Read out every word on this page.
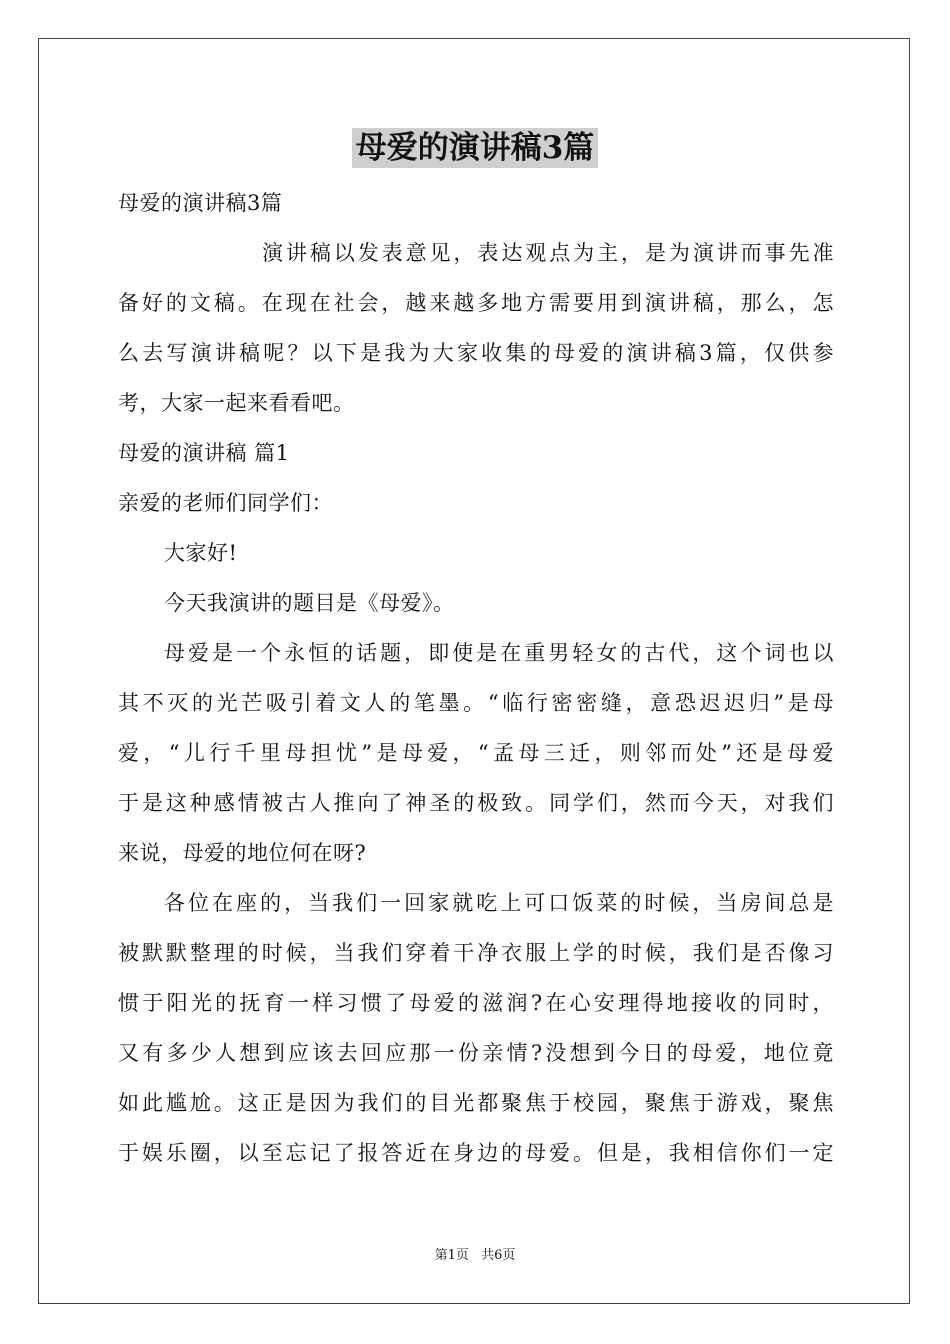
母爱的演讲稿3篇
母爱的演讲稿3篇
演讲稿以发表意见，表达观点为主，是为演讲而事先准
备好的文稿。在现在社会，越来越多地方需要用到演讲稿，那么，怎
么去写演讲稿呢？以下是我为大家收集的母爱的演讲稿3篇，仅供参
考，大家一起来看看吧。
母爱的演讲稿 篇1
亲爱的老师们同学们：
大家好!
今天我演讲的题目是《母爱》。
母爱是一个永恒的话题，即使是在重男轻女的古代，这个词也以
其不灭的光芒吸引着文人的笔墨。“临行密密缝，意恐迟迟归”是母
爱，“儿行千里母担忧”是母爱，“孟母三迁，则邻而处”还是母爱
于是这种感情被古人推向了神圣的极致。同学们，然而今天，对我们
来说，母爱的地位何在呀?
各位在座的，当我们一回家就吃上可口饭菜的时候，当房间总是
被默默整理的时候，当我们穿着干净衣服上学的时候，我们是否像习
惯于阳光的抚育一样习惯了母爱的滋润?在心安理得地接收的同时，
又有多少人想到应该去回应那一份亲情?没想到今日的母爱，地位竟
如此尴尬。这正是因为我们的目光都聚焦于校园，聚焦于游戏，聚焦
于娱乐圈，以至忘记了报答近在身边的母爱。但是，我相信你们一定
第1页 共6页
